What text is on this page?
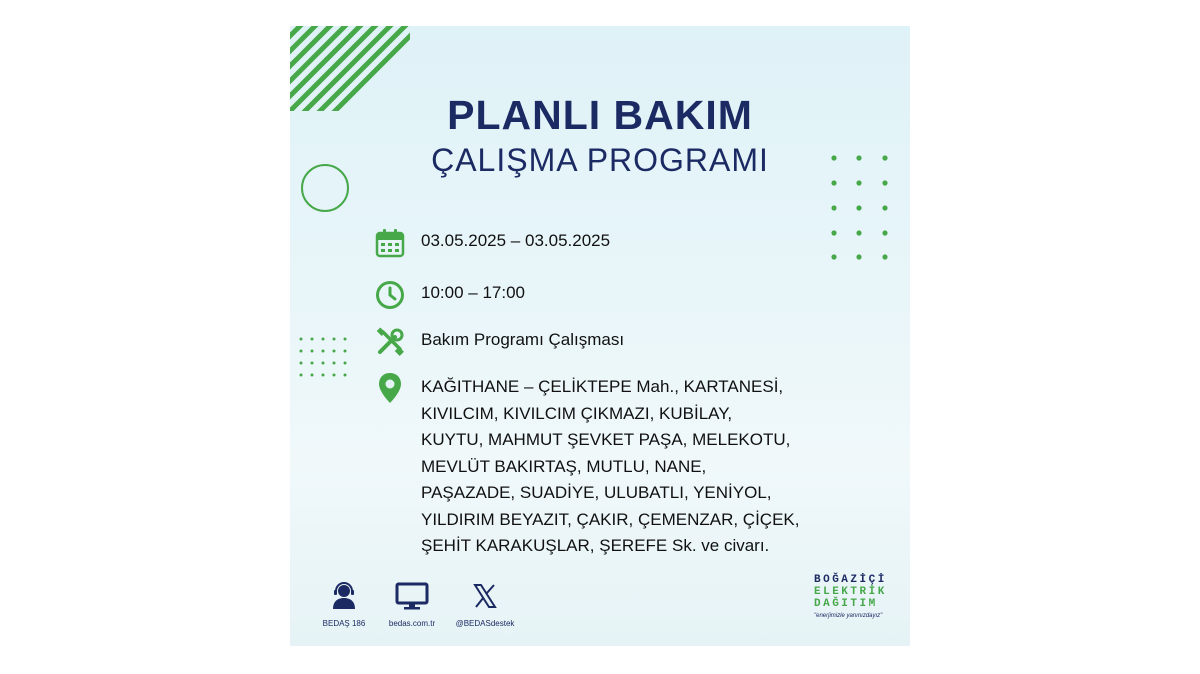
PLANLI BAKIM
ÇALIŞMA PROGRAMI
03.05.2025 – 03.05.2025
10:00 – 17:00
Bakım Programı Çalışması
KAĞITHANE – ÇELİKTEPE Mah., KARTANESİ,
KIVILCIM, KIVILCIM ÇIKMAZI, KUBİLAY,
KUYTU, MAHMUT ŞEVKET PAŞA, MELEKOTU,
MEVLÜT BAKIRTAŞ, MUTLU, NANE,
PAŞAZADE, SUADİYE, ULUBATLI, YENİYOL,
YILDIRIM BEYAZIT, ÇAKIR, ÇEMENZAR, ÇİÇEK,
ŞEHİT KARAKUŞLAR, ŞEREFE Sk. ve civarı.
BEDAŞ 186	bedas.com.tr	@BEDASdestek
BOĞAZİÇİ
ELEKTRİK
DAĞITIM
"enerjimizle yanınızdayız"
